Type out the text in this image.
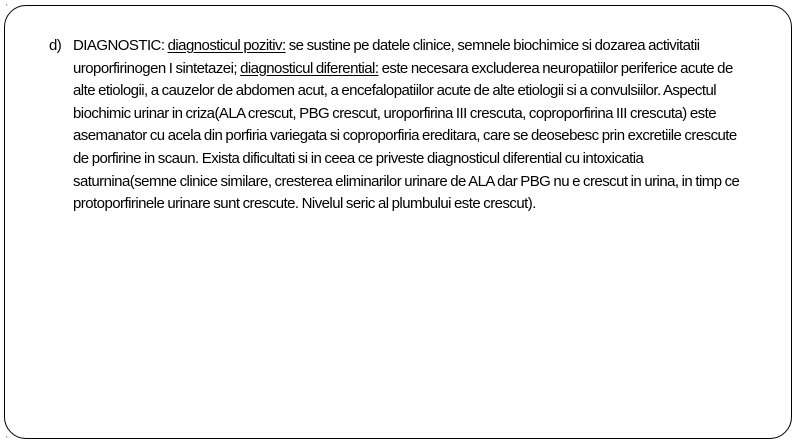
'
'
d) DIAGNOSTIC: diagnosticul pozitiv: se sustine pe datele clinice, semnele biochimice si dozarea activitatii uroporfirinogen I sintetazei; diagnosticul diferential: este necesara excluderea neuropatiilor periferice acute de alte etiologii, a cauzelor de abdomen acut, a encefalopatiilor acute de alte etiologii si a convulsiilor. Aspectul biochimic urinar in criza(ALA crescut, PBG crescut, uroporfirina III crescuta, coproporfirina III crescuta) este asemanator cu acela din porfiria variegata si coproporfiria ereditara, care se deosebesc prin excretiile crescute de porfirine in scaun. Exista dificultati si in ceea ce priveste diagnosticul diferential cu intoxicatia saturnina(semne clinice similare, cresterea eliminarilor urinare de ALA dar PBG nu e crescut in urina, in timp ce protoporfirinele urinare sunt crescute. Nivelul seric al plumbului este crescut).
